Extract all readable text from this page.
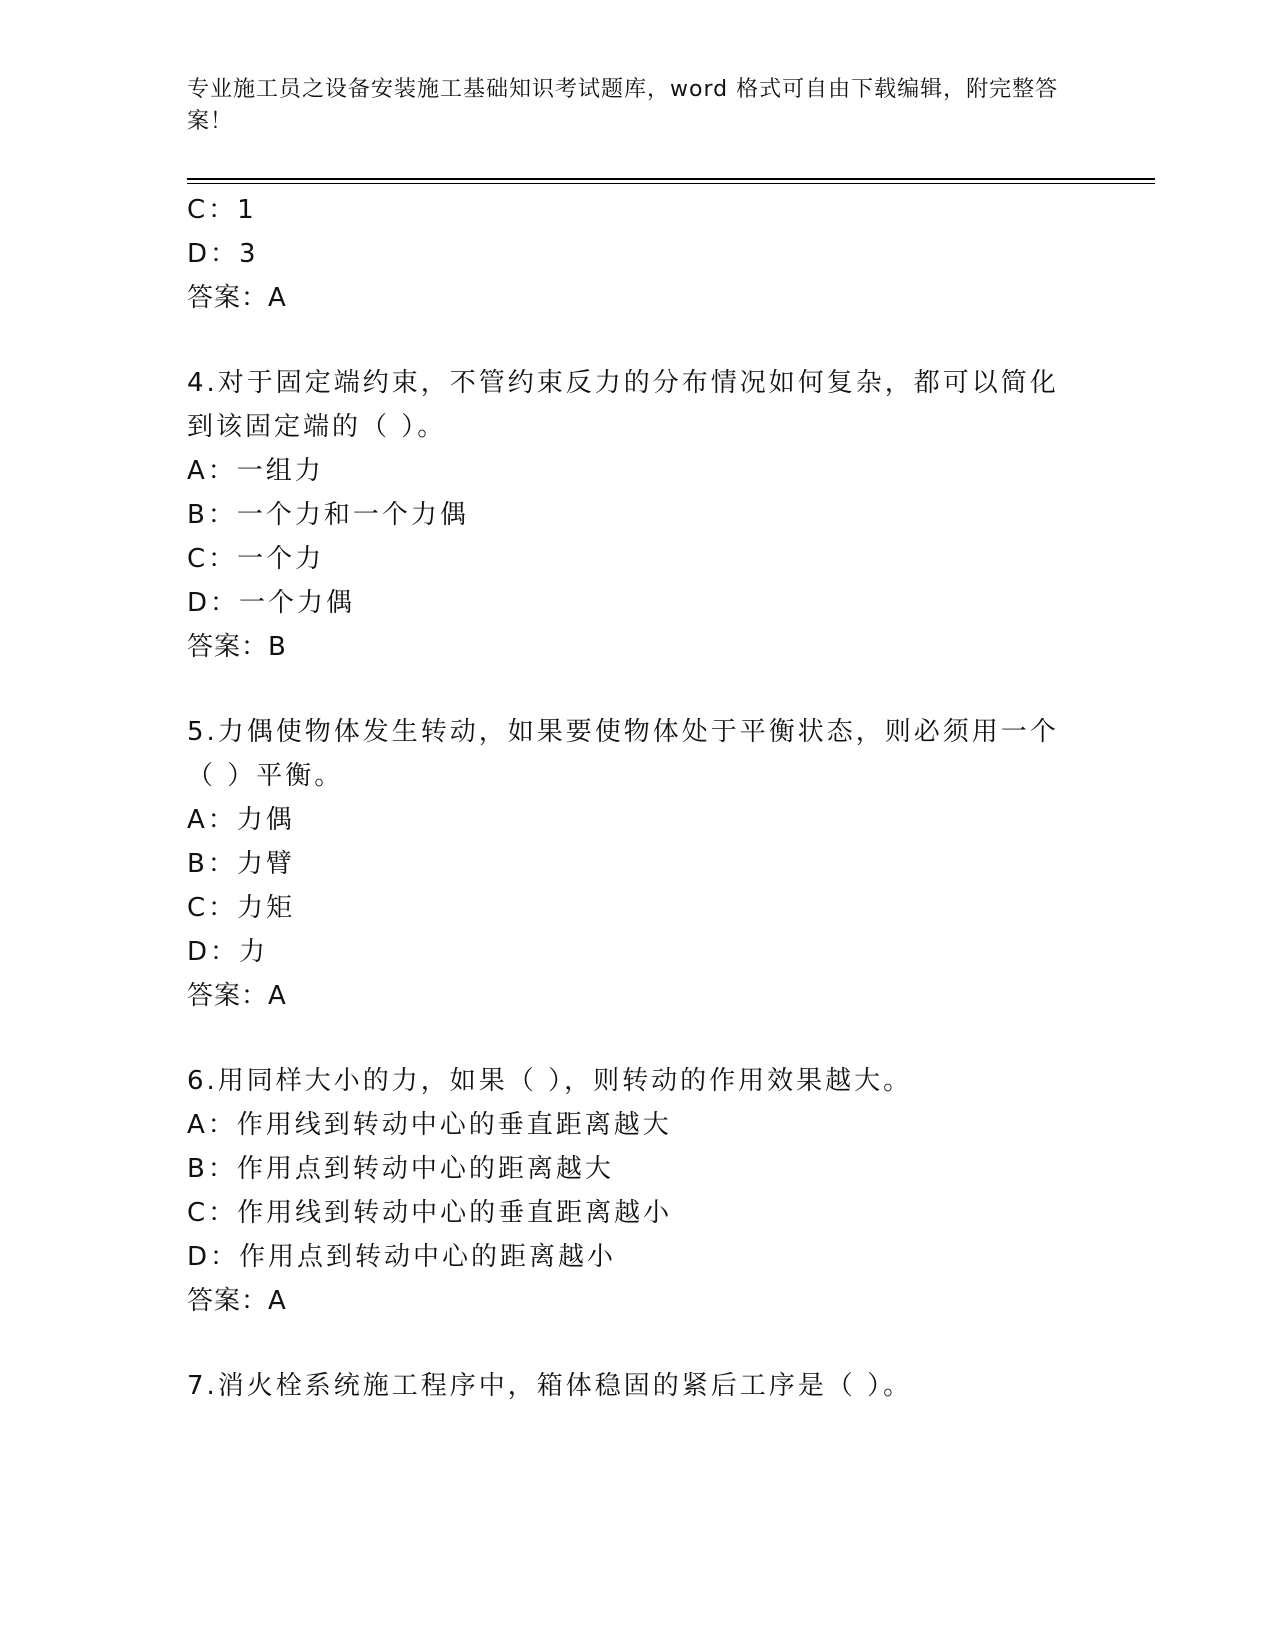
专业施工员之设备安装施工基础知识考试题库，word 格式可自由下载编辑，附完整答案！
C：1
D：3
答案：A
4.对于固定端约束，不管约束反力的分布情况如何复杂，都可以简化
到该固定端的（ ）。
A：一组力
B：一个力和一个力偶
C：一个力
D：一个力偶
答案：B
5.力偶使物体发生转动，如果要使物体处于平衡状态，则必须用一个
（ ）平衡。
A：力偶
B：力臂
C：力矩
D：力
答案：A
6.用同样大小的力，如果（ ），则转动的作用效果越大。
A：作用线到转动中心的垂直距离越大
B：作用点到转动中心的距离越大
C：作用线到转动中心的垂直距离越小
D：作用点到转动中心的距离越小
答案：A
7.消火栓系统施工程序中，箱体稳固的紧后工序是（ ）。
